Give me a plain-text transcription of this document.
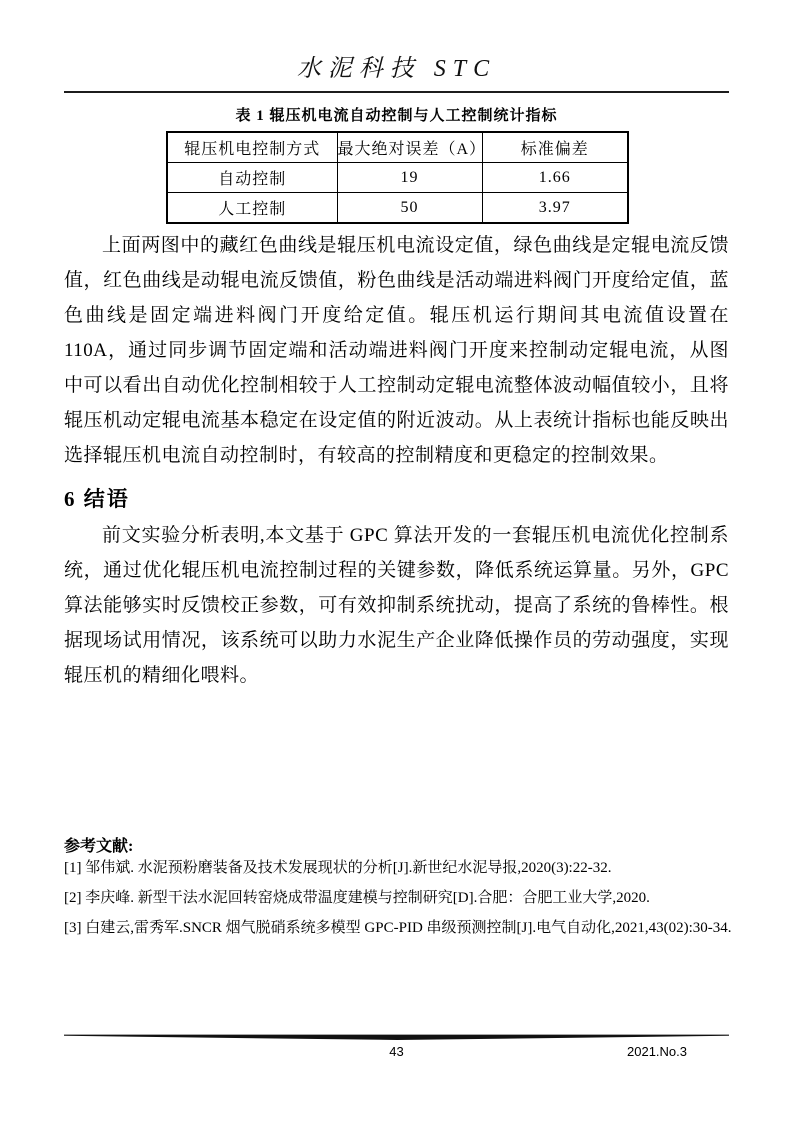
水泥科技 STC
表 1 辊压机电流自动控制与人工控制统计指标
辊压机电控制方式	最大绝对误差（A）	标准偏差
自动控制	19	1.66
人工控制	50	3.97

上面两图中的藏红色曲线是辊压机电流设定值，绿色曲线是定辊电流反馈值，红色曲线是动辊电流反馈值，粉色曲线是活动端进料阀门开度给定值，蓝色曲线是固定端进料阀门开度给定值。辊压机运行期间其电流值设置在 110A，通过同步调节固定端和活动端进料阀门开度来控制动定辊电流，从图中可以看出自动优化控制相较于人工控制动定辊电流整体波动幅值较小，且将辊压机动定辊电流基本稳定在设定值的附近波动。从上表统计指标也能反映出选择辊压机电流自动控制时，有较高的控制精度和更稳定的控制效果。

6 结语

前文实验分析表明,本文基于 GPC 算法开发的一套辊压机电流优化控制系统，通过优化辊压机电流控制过程的关键参数，降低系统运算量。另外，GPC 算法能够实时反馈校正参数，可有效抑制系统扰动，提高了系统的鲁棒性。根据现场试用情况，该系统可以助力水泥生产企业降低操作员的劳动强度，实现辊压机的精细化喂料。

参考文献:
[1] 邹伟斌. 水泥预粉磨装备及技术发展现状的分析[J].新世纪水泥导报,2020(3):22-32.
[2] 李庆峰. 新型干法水泥回转窑烧成带温度建模与控制研究[D].合肥：合肥工业大学,2020.
[3] 白建云,雷秀军.SNCR 烟气脱硝系统多模型 GPC-PID 串级预测控制[J].电气自动化,2021,43(02):30-34.
43	2021.No.3
